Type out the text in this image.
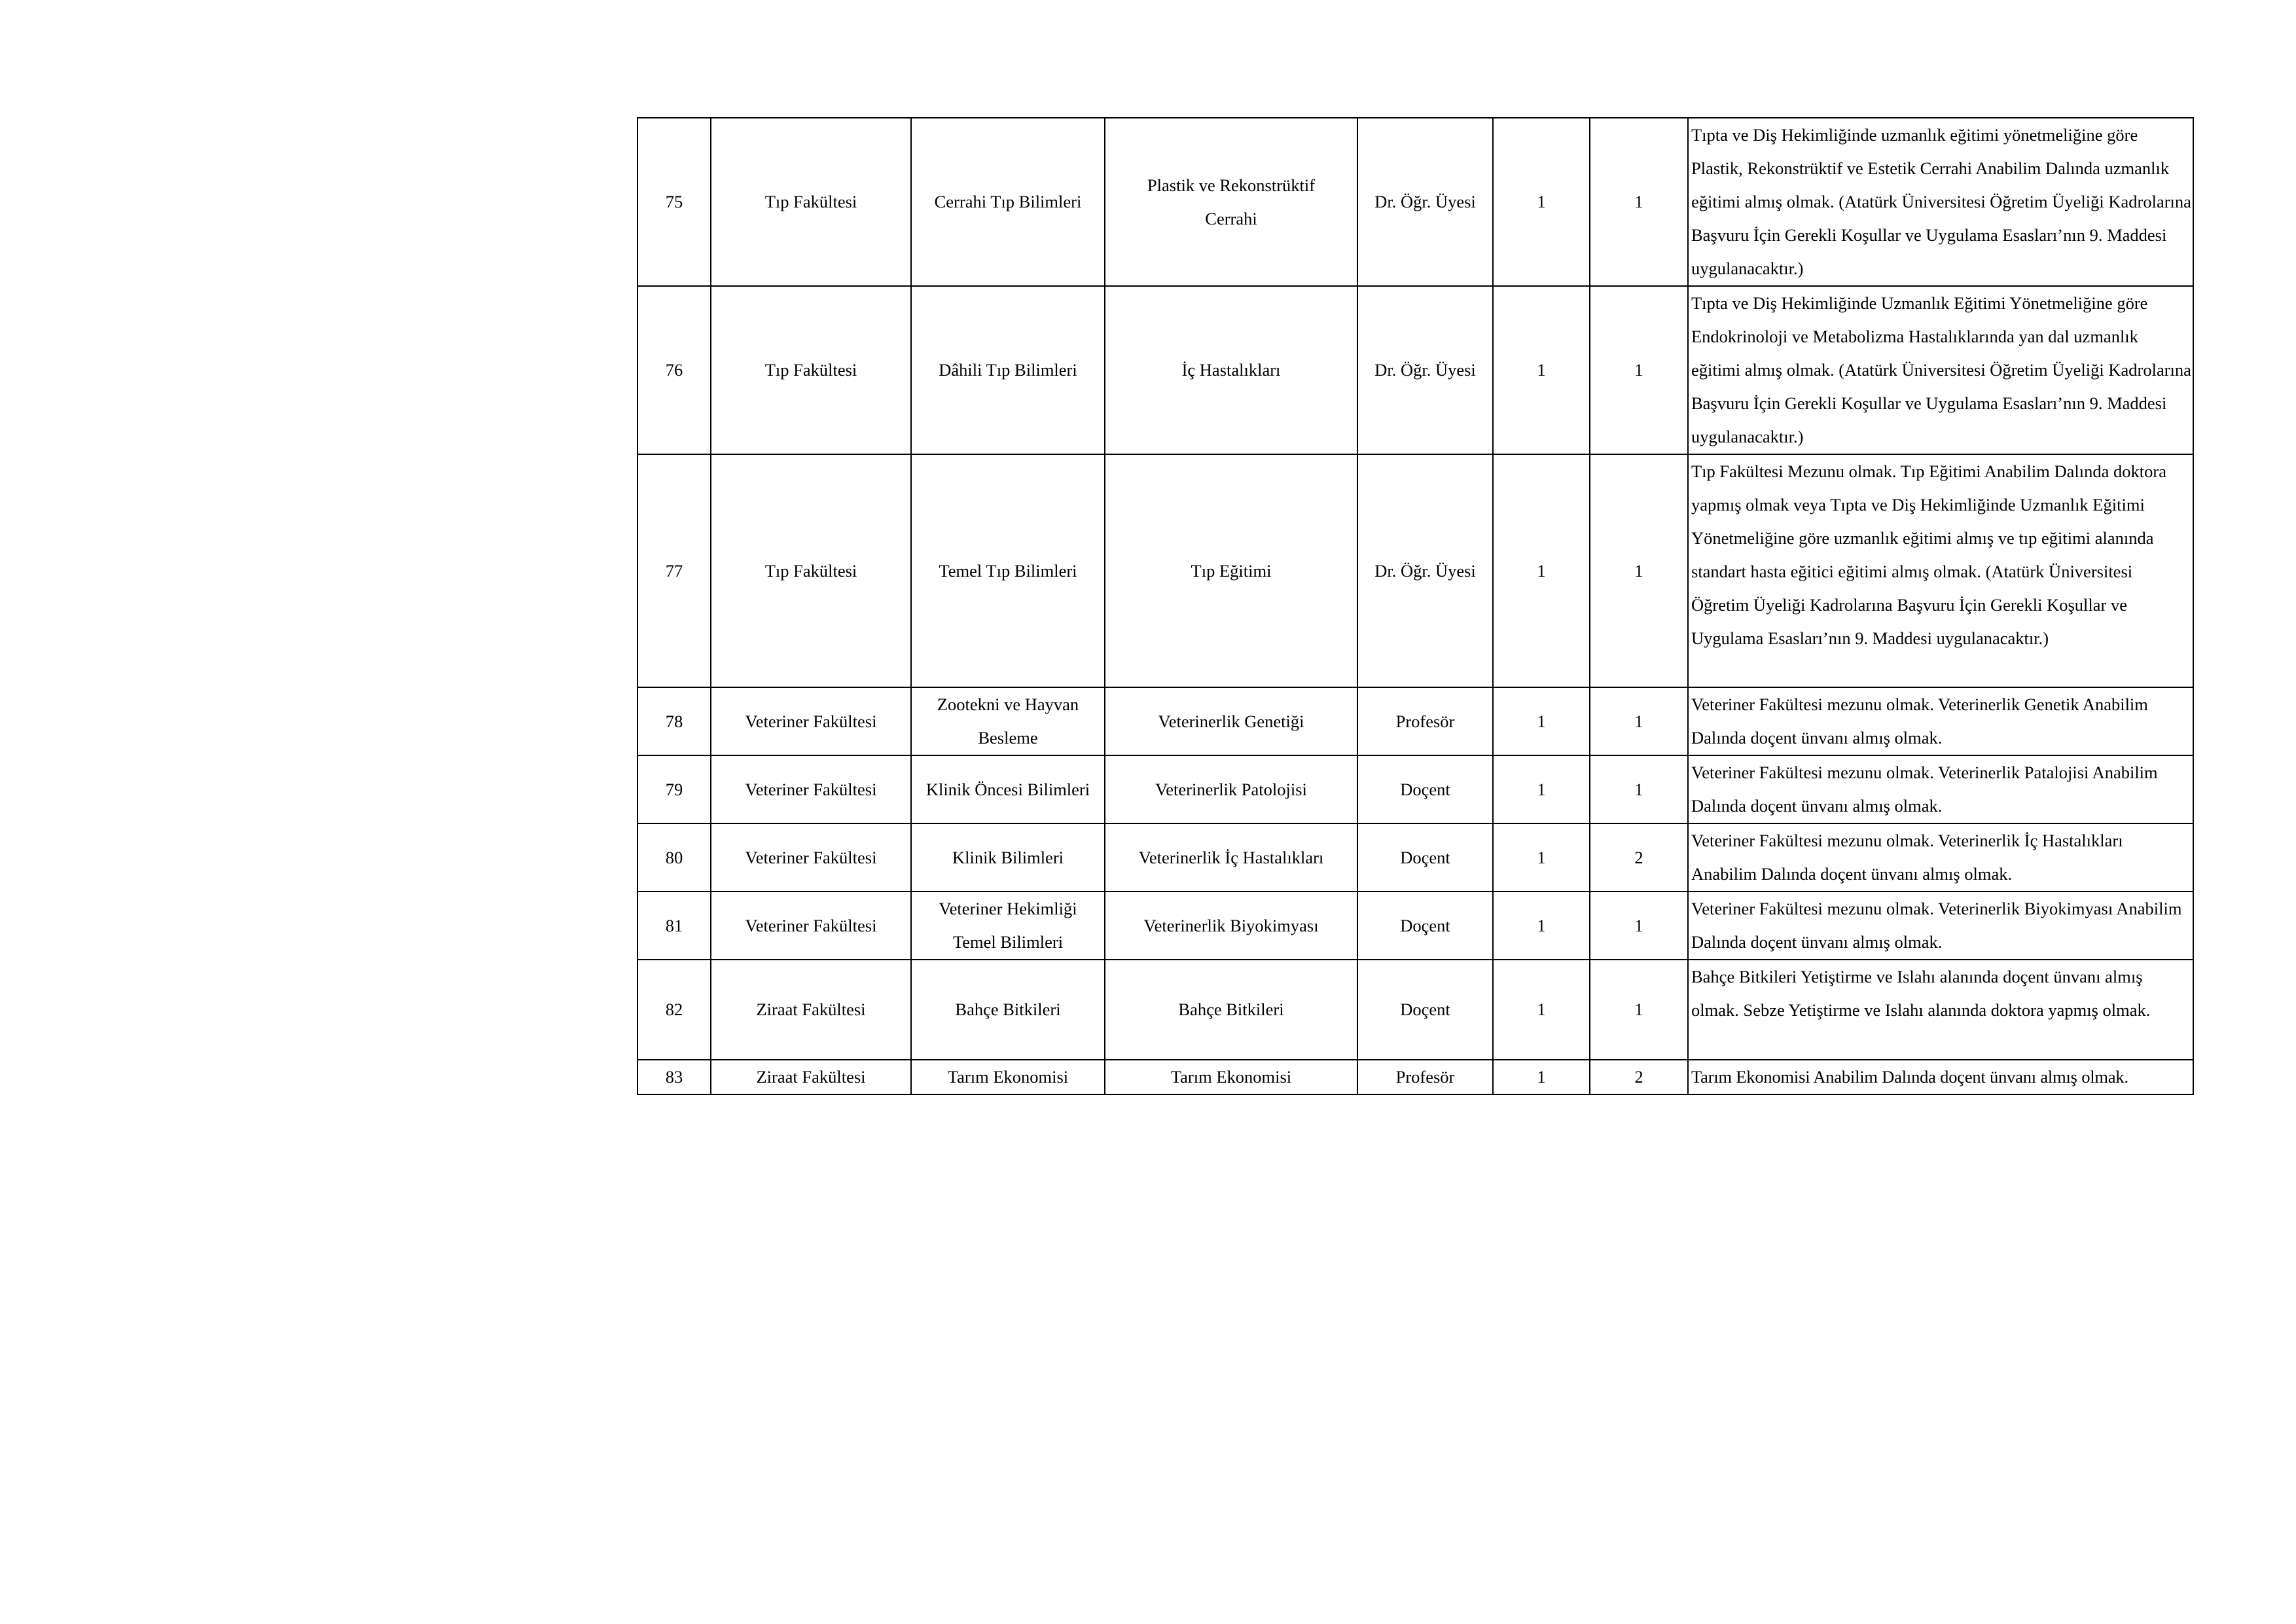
75	Tıp Fakültesi	Cerrahi Tıp Bilimleri	Plastik ve Rekonstrüktif Cerrahi	Dr. Öğr. Üyesi	1	1	Tıpta ve Diş Hekimliğinde uzmanlık eğitimi yönetmeliğine göre Plastik, Rekonstrüktif ve Estetik Cerrahi Anabilim Dalında uzmanlık eğitimi almış olmak. (Atatürk Üniversitesi Öğretim Üyeliği Kadrolarına Başvuru İçin Gerekli Koşullar ve Uygulama Esasları’nın 9. Maddesi uygulanacaktır.)
76	Tıp Fakültesi	Dâhili Tıp Bilimleri	İç Hastalıkları	Dr. Öğr. Üyesi	1	1	Tıpta ve Diş Hekimliğinde Uzmanlık Eğitimi Yönetmeliğine göre Endokrinoloji ve Metabolizma Hastalıklarında yan dal uzmanlık eğitimi almış olmak. (Atatürk Üniversitesi Öğretim Üyeliği Kadrolarına Başvuru İçin Gerekli Koşullar ve Uygulama Esasları’nın 9. Maddesi uygulanacaktır.)
77	Tıp Fakültesi	Temel Tıp Bilimleri	Tıp Eğitimi	Dr. Öğr. Üyesi	1	1	Tıp Fakültesi Mezunu olmak. Tıp Eğitimi Anabilim Dalında doktora yapmış olmak veya Tıpta ve Diş Hekimliğinde Uzmanlık Eğitimi Yönetmeliğine göre uzmanlık eğitimi almış ve tıp eğitimi alanında standart hasta eğitici eğitimi almış olmak. (Atatürk Üniversitesi Öğretim Üyeliği Kadrolarına Başvuru İçin Gerekli Koşullar ve Uygulama Esasları’nın 9. Maddesi uygulanacaktır.)
78	Veteriner Fakültesi	Zootekni ve Hayvan Besleme	Veterinerlik Genetiği	Profesör	1	1	Veteriner Fakültesi mezunu olmak. Veterinerlik Genetik Anabilim Dalında doçent ünvanı almış olmak.
79	Veteriner Fakültesi	Klinik Öncesi Bilimleri	Veterinerlik Patolojisi	Doçent	1	1	Veteriner Fakültesi mezunu olmak. Veterinerlik Patalojisi Anabilim Dalında doçent ünvanı almış olmak.
80	Veteriner Fakültesi	Klinik Bilimleri	Veterinerlik İç Hastalıkları	Doçent	1	2	Veteriner Fakültesi mezunu olmak. Veterinerlik İç Hastalıkları Anabilim Dalında doçent ünvanı almış olmak.
81	Veteriner Fakültesi	Veteriner Hekimliği Temel Bilimleri	Veterinerlik Biyokimyası	Doçent	1	1	Veteriner Fakültesi mezunu olmak. Veterinerlik Biyokimyası Anabilim Dalında doçent ünvanı almış olmak.
82	Ziraat Fakültesi	Bahçe Bitkileri	Bahçe Bitkileri	Doçent	1	1	Bahçe Bitkileri Yetiştirme ve Islahı alanında doçent ünvanı almış olmak. Sebze Yetiştirme ve Islahı alanında doktora yapmış olmak.
83	Ziraat Fakültesi	Tarım Ekonomisi	Tarım Ekonomisi	Profesör	1	2	Tarım Ekonomisi Anabilim Dalında doçent ünvanı almış olmak.
